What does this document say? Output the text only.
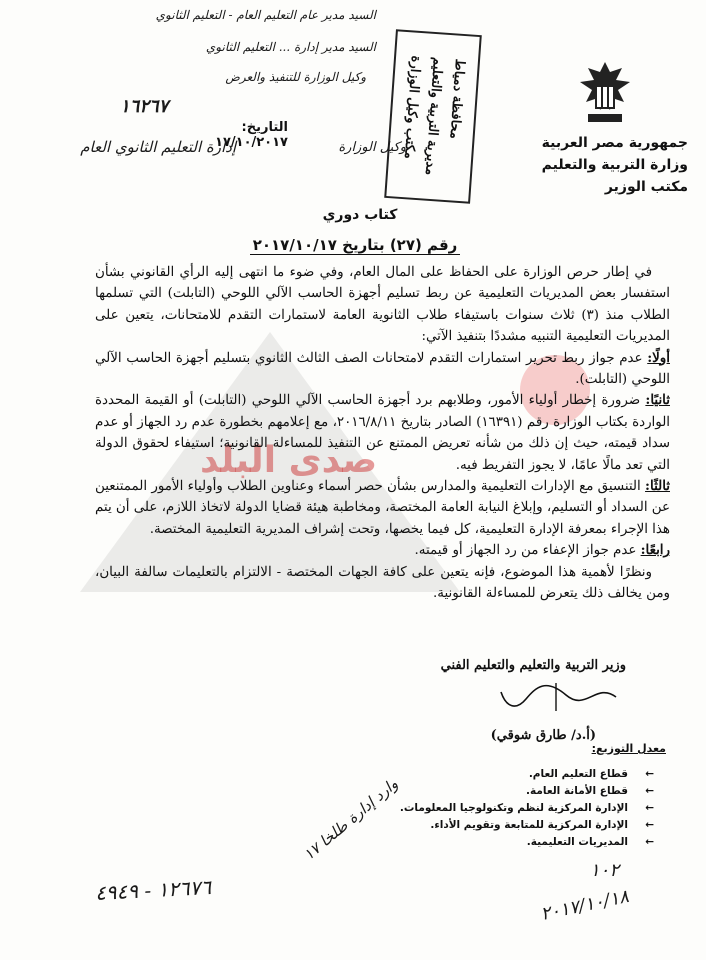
صدى البلد
جمهورية مصر العربية
وزارة التربية والتعليم
مكتب الوزير
محافظة دمياط
مديرية التربية والتعليم
مكتب وكيل الوزارة
السيد مدير عام التعليم العام - التعليم الثانوي
السيد مدير إدارة ... التعليم الثانوي
وكيل الوزارة للتنفيذ والعرض
١٦٢٦٧
التاريخ: ١٧/١٠/٢٠١٧
إدارة التعليم الثانوي العام	وكيل الوزارة
كتاب دوري
رقم (٢٧) بتاريخ ٢٠١٧/١٠/١٧

في إطار حرص الوزارة على الحفاظ على المال العام، وفي ضوء ما انتهى إليه الرأي القانوني بشأن استفسار بعض المديريات التعليمية عن ربط تسليم أجهزة الحاسب الآلي اللوحي (التابلت) التي تسلمها الطلاب منذ (٣) ثلاث سنوات باستيفاء طلاب الثانوية العامة لاستمارات التقدم للامتحانات، يتعين على المديريات التعليمية التنبيه مشددًا بتنفيذ الآتي:

أولًا: عدم جواز ربط تحرير استمارات التقدم لامتحانات الصف الثالث الثانوي بتسليم أجهزة الحاسب الآلي اللوحي (التابلت).

ثانيًا: ضرورة إخطار أولياء الأمور، وطلابهم برد أجهزة الحاسب الآلي اللوحي (التابلت) أو القيمة المحددة الواردة بكتاب الوزارة رقم (١٦٣٩١) الصادر بتاريخ ٢٠١٦/٨/١١، مع إعلامهم بخطورة عدم رد الجهاز أو عدم سداد قيمته، حيث إن ذلك من شأنه تعريض الممتنع عن التنفيذ للمساءلة القانونية؛ استيفاء لحقوق الدولة التي تعد مالًا عامًا، لا يجوز التفريط فيه.

ثالثًا: التنسيق مع الإدارات التعليمية والمدارس بشأن حصر أسماء وعناوين الطلاب وأولياء الأمور الممتنعين عن السداد أو التسليم، وإبلاغ النيابة العامة المختصة، ومخاطبة هيئة قضايا الدولة لاتخاذ اللازم، على أن يتم هذا الإجراء بمعرفة الإدارة التعليمية، كل فيما يخصها، وتحت إشراف المديرية التعليمية المختصة.

رابعًا: عدم جواز الإعفاء من رد الجهاز أو قيمته.

ونظرًا لأهمية هذا الموضوع، فإنه يتعين على كافة الجهات المختصة - الالتزام بالتعليمات سالفة البيان، ومن يخالف ذلك يتعرض للمساءلة القانونية.

وزير التربية والتعليم والتعليم الفني
(أ.د/ طارق شوقي)
معدل التوزيع:
← قطاع التعليم العام.
← قطاع الأمانة العامة.
← الإدارة المركزية لنظم وتكنولوجيا المعلومات.
← الإدارة المركزية للمتابعة وتقويم الأداء.
← المديريات التعليمية.
١٢٦٧٦ - ٤٩٤٩
وارد إدارة طلخا ١٧
١٠٢
٢٠١٧/١٠/١٨
